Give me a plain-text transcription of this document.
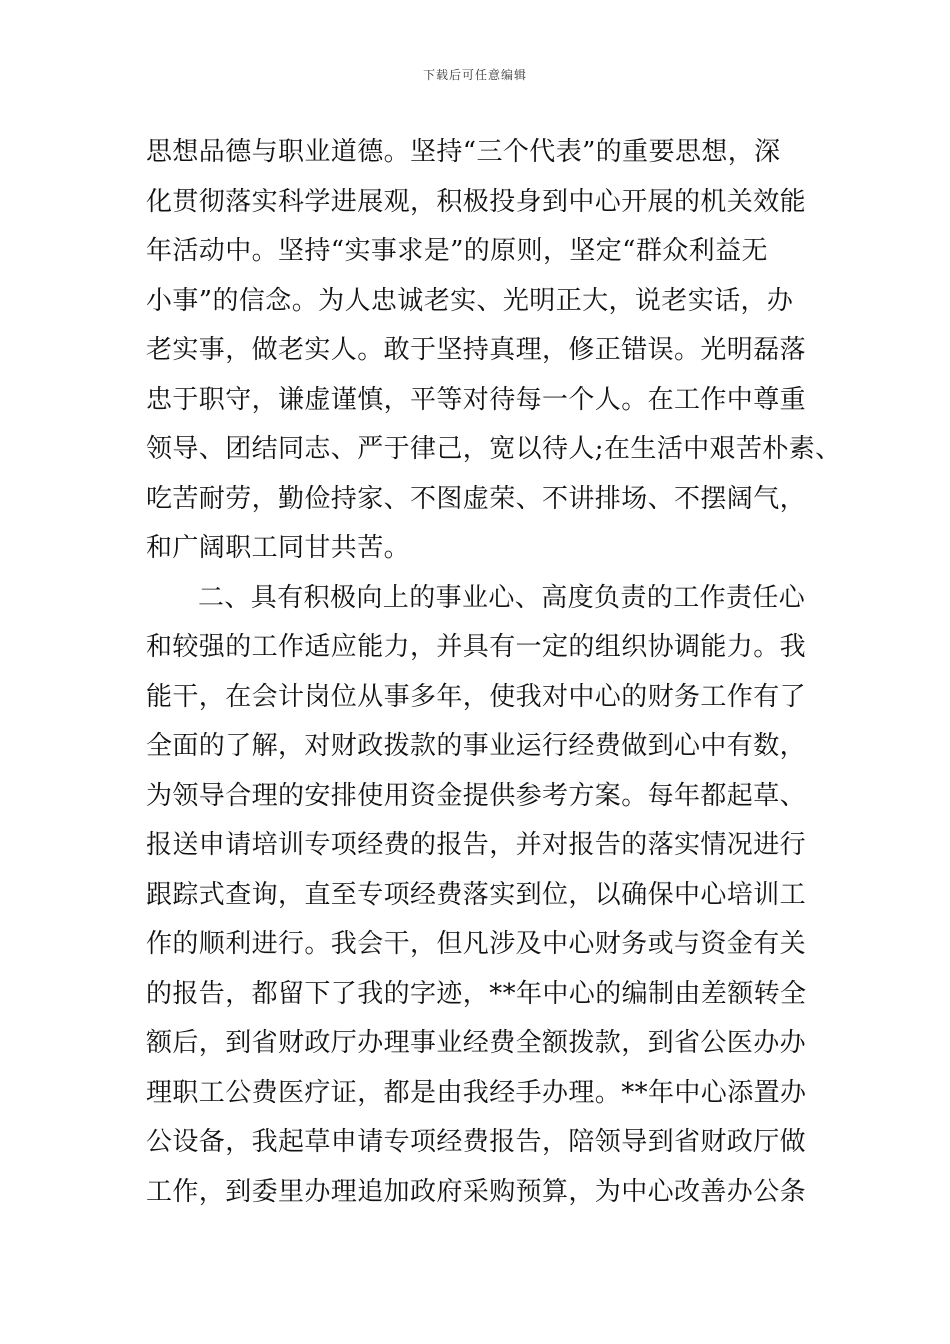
下载后可任意编辑
思想品德与职业道德。坚持“三个代表”的重要思想，深
化贯彻落实科学进展观，积极投身到中心开展的机关效能
年活动中。坚持“实事求是”的原则，坚定“群众利益无
小事”的信念。为人忠诚老实、光明正大，说老实话，办
老实事，做老实人。敢于坚持真理，修正错误。光明磊落
忠于职守，谦虚谨慎，平等对待每一个人。在工作中尊重
领导、团结同志、严于律己，宽以待人;在生活中艰苦朴素、
吃苦耐劳，勤俭持家、不图虚荣、不讲排场、不摆阔气，
和广阔职工同甘共苦。
二、具有积极向上的事业心、高度负责的工作责任心
和较强的工作适应能力，并具有一定的组织协调能力。我
能干，在会计岗位从事多年，使我对中心的财务工作有了
全面的了解，对财政拨款的事业运行经费做到心中有数，
为领导合理的安排使用资金提供参考方案。每年都起草、
报送申请培训专项经费的报告，并对报告的落实情况进行
跟踪式查询，直至专项经费落实到位，以确保中心培训工
作的顺利进行。我会干，但凡涉及中心财务或与资金有关
的报告，都留下了我的字迹，**年中心的编制由差额转全
额后，到省财政厅办理事业经费全额拨款，到省公医办办
理职工公费医疗证，都是由我经手办理。**年中心添置办
公设备，我起草申请专项经费报告，陪领导到省财政厅做
工作，到委里办理追加政府采购预算，为中心改善办公条
